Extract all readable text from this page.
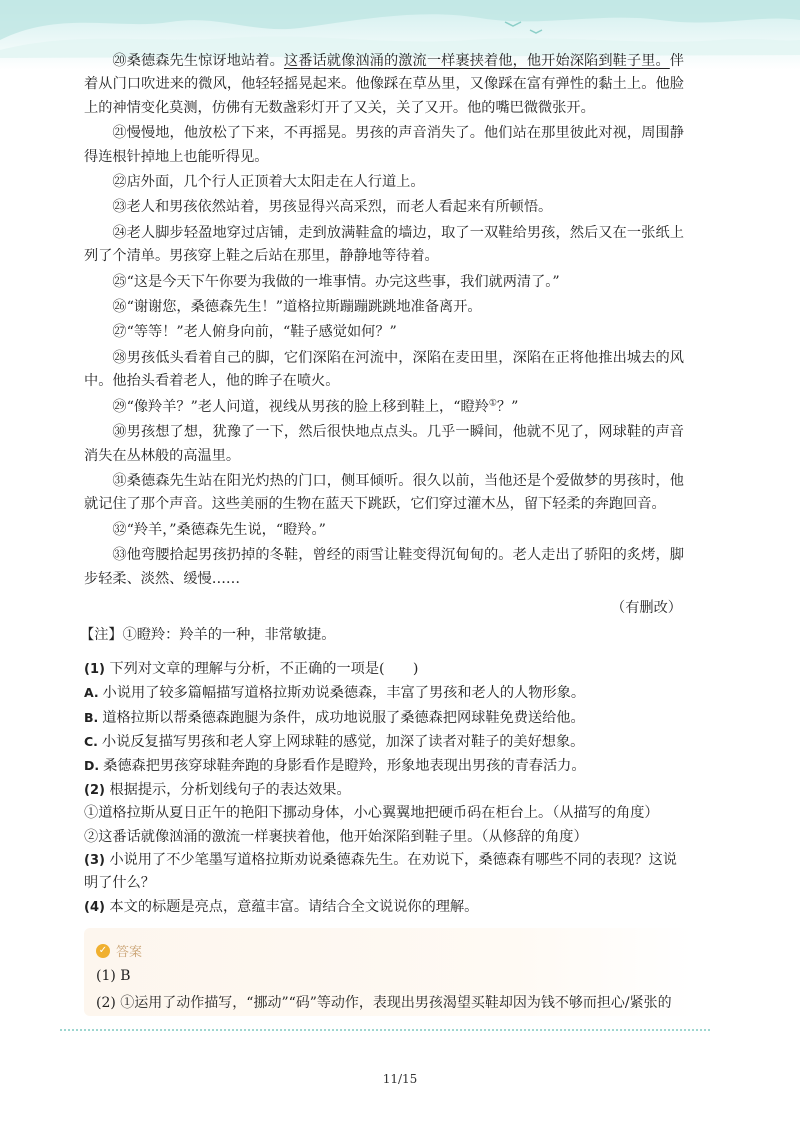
⑳桑德森先生惊讶地站着。这番话就像汹涌的激流一样裹挟着他，他开始深陷到鞋子里。伴着从门口吹进来的微风，他轻轻摇晃起来。他像踩在草丛里，又像踩在富有弹性的黏土上。他脸上的神情变化莫测，仿佛有无数盏彩灯开了又关，关了又开。他的嘴巴微微张开。

㉑慢慢地，他放松了下来，不再摇晃。男孩的声音消失了。他们站在那里彼此对视，周围静得连根针掉地上也能听得见。

㉒店外面，几个行人正顶着大太阳走在人行道上。

㉓老人和男孩依然站着，男孩显得兴高采烈，而老人看起来有所顿悟。

㉔老人脚步轻盈地穿过店铺，走到放满鞋盒的墙边，取了一双鞋给男孩，然后又在一张纸上列了个清单。男孩穿上鞋之后站在那里，静静地等待着。

㉕“这是今天下午你要为我做的一堆事情。办完这些事，我们就两清了。”

㉖“谢谢您，桑德森先生！”道格拉斯蹦蹦跳跳地准备离开。

㉗“等等！”老人俯身向前，“鞋子感觉如何？”

㉘男孩低头看着自己的脚，它们深陷在河流中，深陷在麦田里，深陷在正将他推出城去的风中。他抬头看着老人，他的眸子在喷火。

㉙“像羚羊？”老人问道，视线从男孩的脸上移到鞋上，“瞪羚①？”

㉚男孩想了想，犹豫了一下，然后很快地点点头。几乎一瞬间，他就不见了，网球鞋的声音消失在丛林般的高温里。

㉛桑德森先生站在阳光灼热的门口，侧耳倾听。很久以前，当他还是个爱做梦的男孩时，他就记住了那个声音。这些美丽的生物在蓝天下跳跃，它们穿过灌木丛，留下轻柔的奔跑回音。

㉜“羚羊，”桑德森先生说，“瞪羚。”

㉝他弯腰拾起男孩扔掉的冬鞋，曾经的雨雪让鞋变得沉甸甸的。老人走出了骄阳的炙烤，脚步轻柔、淡然、缓慢……

（有删改）

【注】①瞪羚：羚羊的一种，非常敏捷。

(1) 下列对文章的理解与分析，不正确的一项是(　　)

A. 小说用了较多篇幅描写道格拉斯劝说桑德森，丰富了男孩和老人的人物形象。

B. 道格拉斯以帮桑德森跑腿为条件，成功地说服了桑德森把网球鞋免费送给他。

C. 小说反复描写男孩和老人穿上网球鞋的感觉，加深了读者对鞋子的美好想象。

D. 桑德森把男孩穿球鞋奔跑的身影看作是瞪羚，形象地表现出男孩的青春活力。

(2) 根据提示，分析划线句子的表达效果。

①道格拉斯从夏日正午的艳阳下挪动身体，小心翼翼地把硬币码在柜台上。（从描写的角度）

②这番话就像汹涌的激流一样裹挟着他，他开始深陷到鞋子里。（从修辞的角度）

(3) 小说用了不少笔墨写道格拉斯劝说桑德森先生。在劝说下，桑德森有哪些不同的表现？这说明了什么？

(4) 本文的标题是亮点，意蕴丰富。请结合全文说说你的理解。

✓ 答案
(1) B
(2) ①运用了动作描写，“挪动”“码”等动作，表现出男孩渴望买鞋却因为钱不够而担心/紧张的
11/15
